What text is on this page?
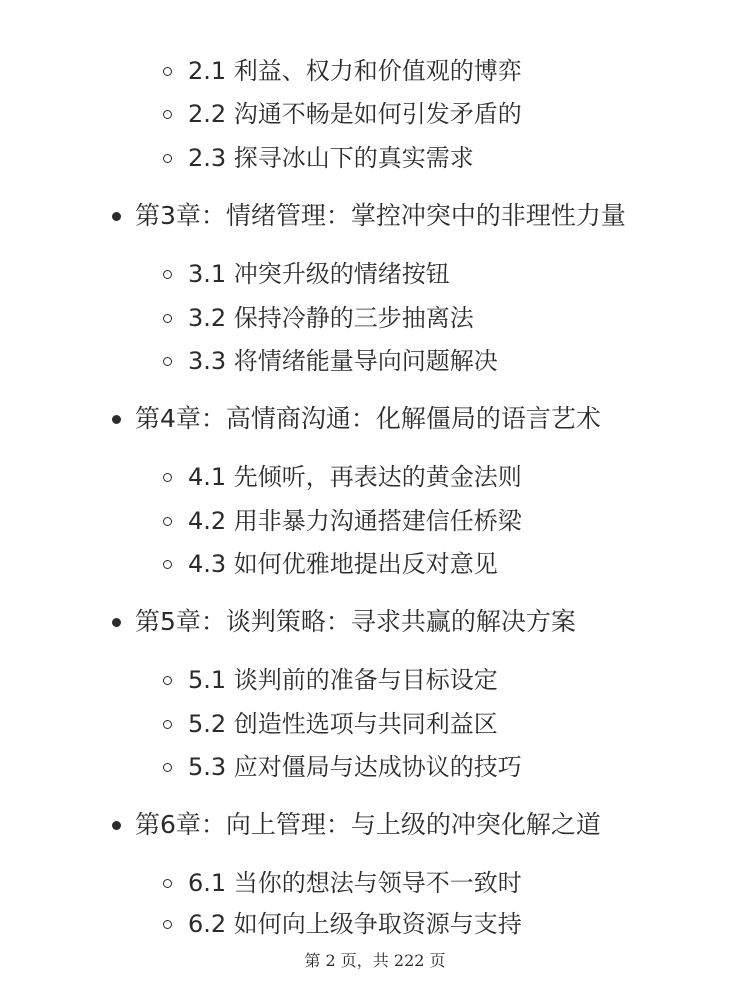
2.1 利益、权力和价值观的博弈
2.2 沟通不畅是如何引发矛盾的
2.3 探寻冰山下的真实需求
第3章：情绪管理：掌控冲突中的非理性力量
3.1 冲突升级的情绪按钮
3.2 保持冷静的三步抽离法
3.3 将情绪能量导向问题解决
第4章：高情商沟通：化解僵局的语言艺术
4.1 先倾听，再表达的黄金法则
4.2 用非暴力沟通搭建信任桥梁
4.3 如何优雅地提出反对意见
第5章：谈判策略：寻求共赢的解决方案
5.1 谈判前的准备与目标设定
5.2 创造性选项与共同利益区
5.3 应对僵局与达成协议的技巧
第6章：向上管理：与上级的冲突化解之道
6.1 当你的想法与领导不一致时
6.2 如何向上级争取资源与支持
第 2 页，共 222 页
